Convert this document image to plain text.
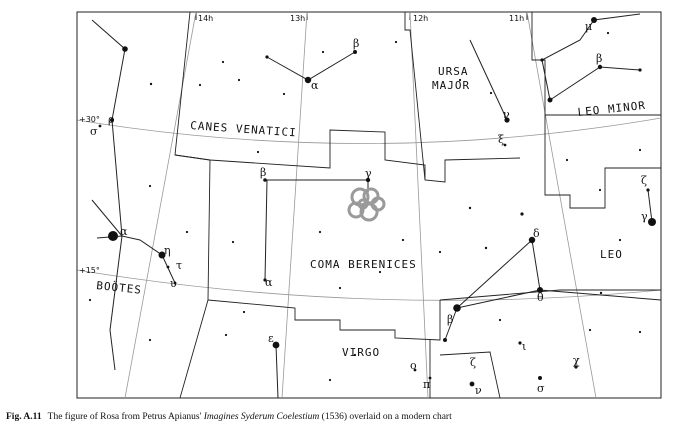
14h	13h	12h	11h
+30°
+15°
CANES VENATICI
URSA
MAJOR
LEO MINOR
COMA BERENICES
BOÖTES
LEO
VIRGO
α
β
γ
β
α
ρ
σ
η
τ
υ
α
ν
ξ
μ
β
δ
θ
β
ζ
γ
ε
ο
π
ζ
ν
ι
χ
σ
Fig. A.11 The figure of Rosa from Petrus Apianus' Imagines Syderum Coelestium (1536) overlaid on a modern chart
